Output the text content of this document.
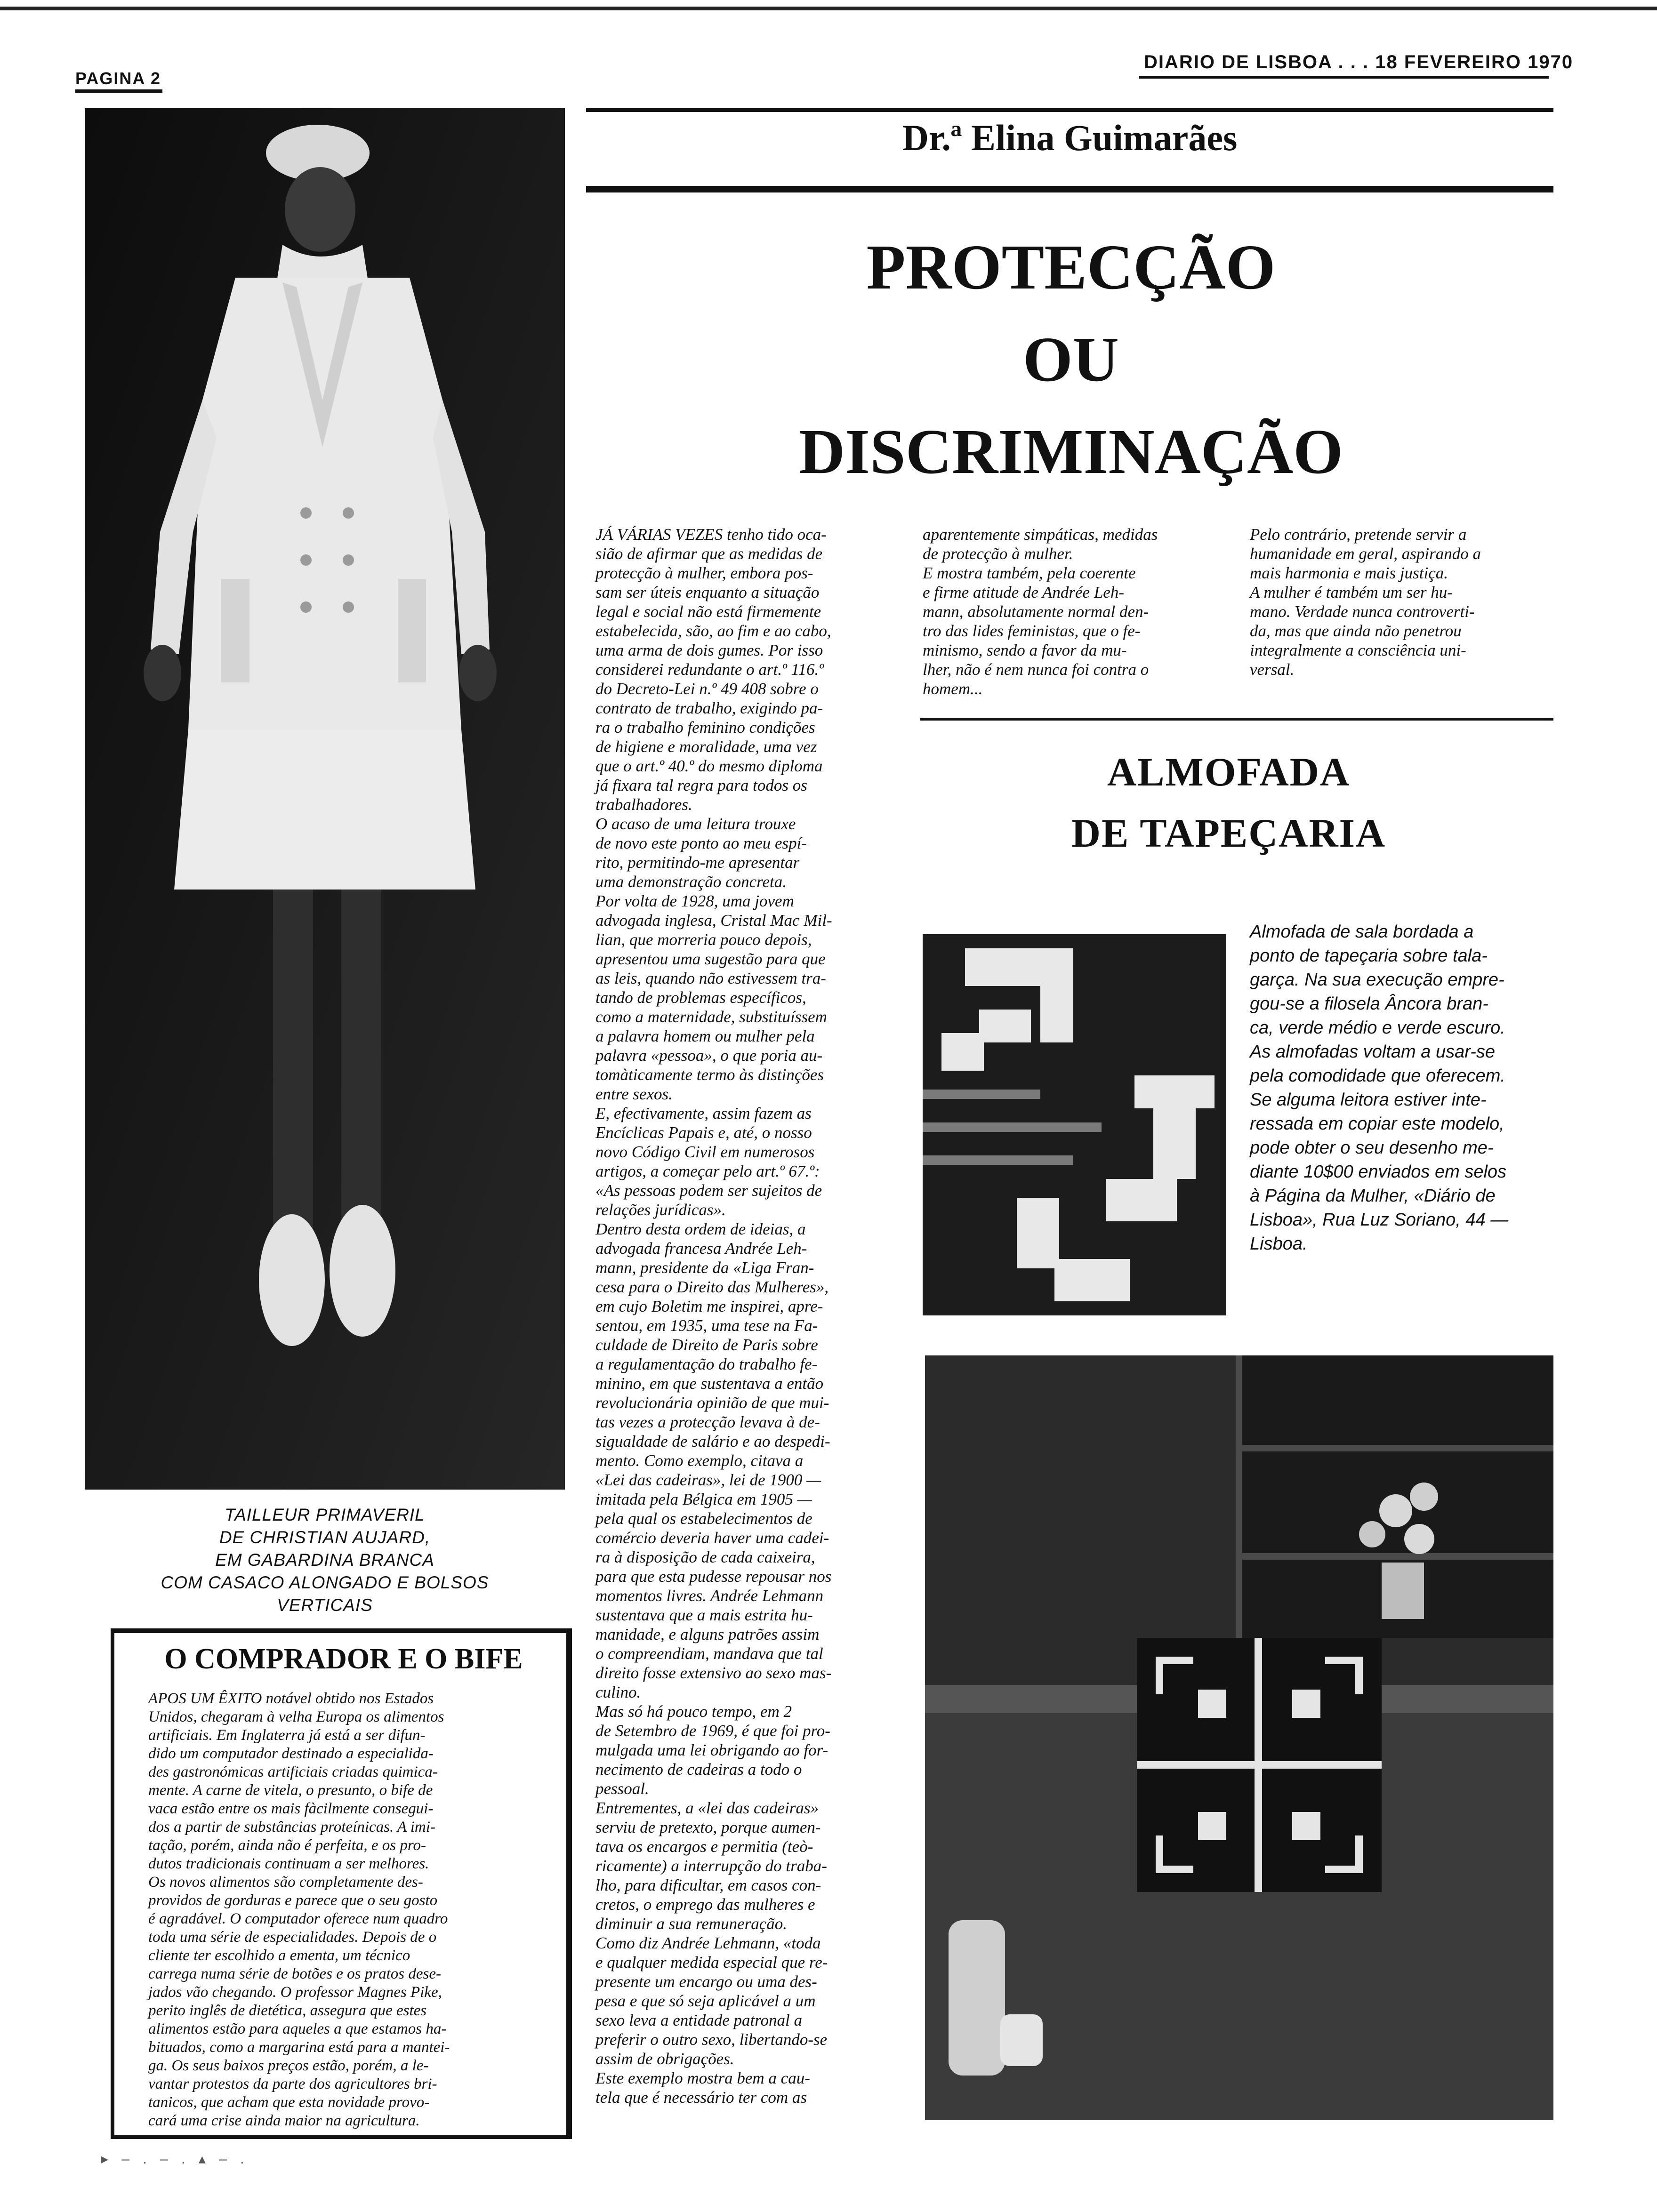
PAGINA 2
DIARIO DE LISBOA . . . 18 FEVEREIRO 1970
TAILLEUR PRIMAVERIL
DE CHRISTIAN AUJARD,
EM GABARDINA BRANCA
COM CASACO ALONGADO E BOLSOS
VERTICAIS
O COMPRADOR E O BIFE
APOS UM ÊXITO notável obtido nos Estados
Unidos, chegaram à velha Europa os alimentos
artificiais. Em Inglaterra já está a ser difun-
dido um computador destinado a especialida-
des gastronómicas artificiais criadas quimica-
mente. A carne de vitela, o presunto, o bife de
vaca estão entre os mais fàcilmente consegui-
dos a partir de substâncias proteínicas. A imi-
tação, porém, ainda não é perfeita, e os pro-
dutos tradicionais continuam a ser melhores.
Os novos alimentos são completamente des-
providos de gorduras e parece que o seu gosto
é agradável. O computador oferece num quadro
toda uma série de especialidades. Depois de o
cliente ter escolhido a ementa, um técnico
carrega numa série de botões e os pratos dese-
jados vão chegando. O professor Magnes Pike,
perito inglês de dietética, assegura que estes
alimentos estão para aqueles a que estamos ha-
bituados, como a margarina está para a mantei-
ga. Os seus baixos preços estão, porém, a le-
vantar protestos da parte dos agricultores bri-
tanicos, que acham que esta novidade provo-
cará uma crise ainda maior na agricultura.
Dr.ª Elina Guimarães
PROTECÇÃO
OU
DISCRIMINAÇÃO
JÁ VÁRIAS VEZES tenho tido oca-
sião de afirmar que as medidas de
protecção à mulher, embora pos-
sam ser úteis enquanto a situação
legal e social não está firmemente
estabelecida, são, ao fim e ao cabo,
uma arma de dois gumes. Por isso
considerei redundante o art.º 116.º
do Decreto-Lei n.º 49 408 sobre o
contrato de trabalho, exigindo pa-
ra o trabalho feminino condições
de higiene e moralidade, uma vez
que o art.º 40.º do mesmo diploma
já fixara tal regra para todos os
trabalhadores.
O acaso de uma leitura trouxe
de novo este ponto ao meu espí-
rito, permitindo-me apresentar
uma demonstração concreta.
Por volta de 1928, uma jovem
advogada inglesa, Cristal Mac Mil-
lian, que morreria pouco depois,
apresentou uma sugestão para que
as leis, quando não estivessem tra-
tando de problemas específicos,
como a maternidade, substituíssem
a palavra homem ou mulher pela
palavra «pessoa», o que poria au-
tomàticamente termo às distinções
entre sexos.
E, efectivamente, assim fazem as
Encíclicas Papais e, até, o nosso
novo Código Civil em numerosos
artigos, a começar pelo art.º 67.º:
«As pessoas podem ser sujeitos de
relações jurídicas».
Dentro desta ordem de ideias, a
advogada francesa Andrée Leh-
mann, presidente da «Liga Fran-
cesa para o Direito das Mulheres»,
em cujo Boletim me inspirei, apre-
sentou, em 1935, uma tese na Fa-
culdade de Direito de Paris sobre
a regulamentação do trabalho fe-
minino, em que sustentava a então
revolucionária opinião de que mui-
tas vezes a protecção levava à de-
sigualdade de salário e ao despedi-
mento. Como exemplo, citava a
«Lei das cadeiras», lei de 1900 —
imitada pela Bélgica em 1905 —
pela qual os estabelecimentos de
comércio deveria haver uma cadei-
ra à disposição de cada caixeira,
para que esta pudesse repousar nos
momentos livres. Andrée Lehmann
sustentava que a mais estrita hu-
manidade, e alguns patrões assim
o compreendiam, mandava que tal
direito fosse extensivo ao sexo mas-
culino.
Mas só há pouco tempo, em 2
de Setembro de 1969, é que foi pro-
mulgada uma lei obrigando ao for-
necimento de cadeiras a todo o
pessoal.
Entrementes, a «lei das cadeiras»
serviu de pretexto, porque aumen-
tava os encargos e permitia (teò-
ricamente) a interrupção do traba-
lho, para dificultar, em casos con-
cretos, o emprego das mulheres e
diminuir a sua remuneração.
Como diz Andrée Lehmann, «toda
e qualquer medida especial que re-
presente um encargo ou uma des-
pesa e que só seja aplicável a um
sexo leva a entidade patronal a
preferir o outro sexo, libertando-se
assim de obrigações.
Este exemplo mostra bem a cau-
tela que é necessário ter com as
aparentemente simpáticas, medidas
de protecção à mulher.
E mostra também, pela coerente
e firme atitude de Andrée Leh-
mann, absolutamente normal den-
tro das lides feministas, que o fe-
minismo, sendo a favor da mu-
lher, não é nem nunca foi contra o
homem...
Pelo contrário, pretende servir a
humanidade em geral, aspirando a
mais harmonia e mais justiça.
A mulher é também um ser hu-
mano. Verdade nunca controverti-
da, mas que ainda não penetrou
integralmente a consciência uni-
versal.
ALMOFADA
DE TAPEÇARIA
Almofada de sala bordada a
ponto de tapeçaria sobre tala-
garça. Na sua execução empre-
gou-se a filosela Âncora bran-
ca, verde médio e verde escuro.
As almofadas voltam a usar-se
pela comodidade que oferecem.
Se alguma leitora estiver inte-
ressada em copiar este modelo,
pode obter o seu desenho me-
diante 10$00 enviados em selos
à Página da Mulher, «Diário de
Lisboa», Rua Luz Soriano, 44 —
Lisboa.
▸ – . – . ▴ – .
